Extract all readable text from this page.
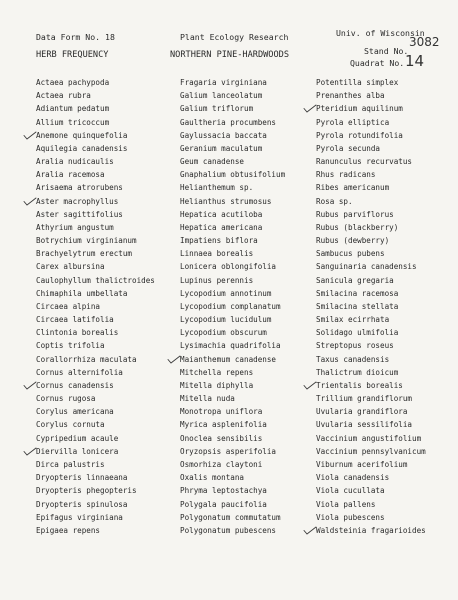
Data Form No. 18	Plant Ecology Research	Univ. of Wisconsin
3082
HERB FREQUENCY	NORTHERN PINE-HARDWOODS	Stand No.
Quadrat No. 14
Actaea pachypoda
Actaea rubra
Adiantum pedatum
Allium tricoccum
Anemone quinquefolia
Aquilegia canadensis
Aralia nudicaulis
Aralia racemosa
Arisaema atrorubens
Aster macrophyllus
Aster sagittifolius
Athyrium angustum
Botrychium virginianum
Brachyelytrum erectum
Carex albursina
Caulophyllum thalictroides
Chimaphila umbellata
Circaea alpina
Circaea latifolia
Clintonia borealis
Coptis trifolia
Corallorrhiza maculata
Cornus alternifolia
Cornus canadensis
Cornus rugosa
Corylus americana
Corylus cornuta
Cypripedium acaule
Diervilla lonicera
Dirca palustris
Dryopteris linnaeana
Dryopteris phegopteris
Dryopteris spinulosa
Epifagus virginiana
Epigaea repens
Fragaria virginiana
Galium lanceolatum
Galium triflorum
Gaultheria procumbens
Gaylussacia baccata
Geranium maculatum
Geum canadense
Gnaphalium obtusifolium
Helianthemum sp.
Helianthus strumosus
Hepatica acutiloba
Hepatica americana
Impatiens biflora
Linnaea borealis
Lonicera oblongifolia
Lupinus perennis
Lycopodium annotinum
Lycopodium complanatum
Lycopodium lucidulum
Lycopodium obscurum
Lysimachia quadrifolia
Maianthemum canadense
Mitchella repens
Mitella diphylla
Mitella nuda
Monotropa uniflora
Myrica asplenifolia
Onoclea sensibilis
Oryzopsis asperifolia
Osmorhiza claytoni
Oxalis montana
Phryma leptostachya
Polygala paucifolia
Polygonatum commutatum
Polygonatum pubescens
Potentilla simplex
Prenanthes alba
Pteridium aquilinum
Pyrola elliptica
Pyrola rotundifolia
Pyrola secunda
Ranunculus recurvatus
Rhus radicans
Ribes americanum
Rosa sp.
Rubus parviflorus
Rubus (blackberry)
Rubus (dewberry)
Sambucus pubens
Sanguinaria canadensis
Sanicula gregaria
Smilacina racemosa
Smilacina stellata
Smilax ecirrhata
Solidago ulmifolia
Streptopus roseus
Taxus canadensis
Thalictrum dioicum
Trientalis borealis
Trillium grandiflorum
Uvularia grandiflora
Uvularia sessilifolia
Vaccinium angustifolium
Vaccinium pennsylvanicum
Viburnum acerifolium
Viola canadensis
Viola cucullata
Viola pallens
Viola pubescens
Waldsteinia fragarioides
